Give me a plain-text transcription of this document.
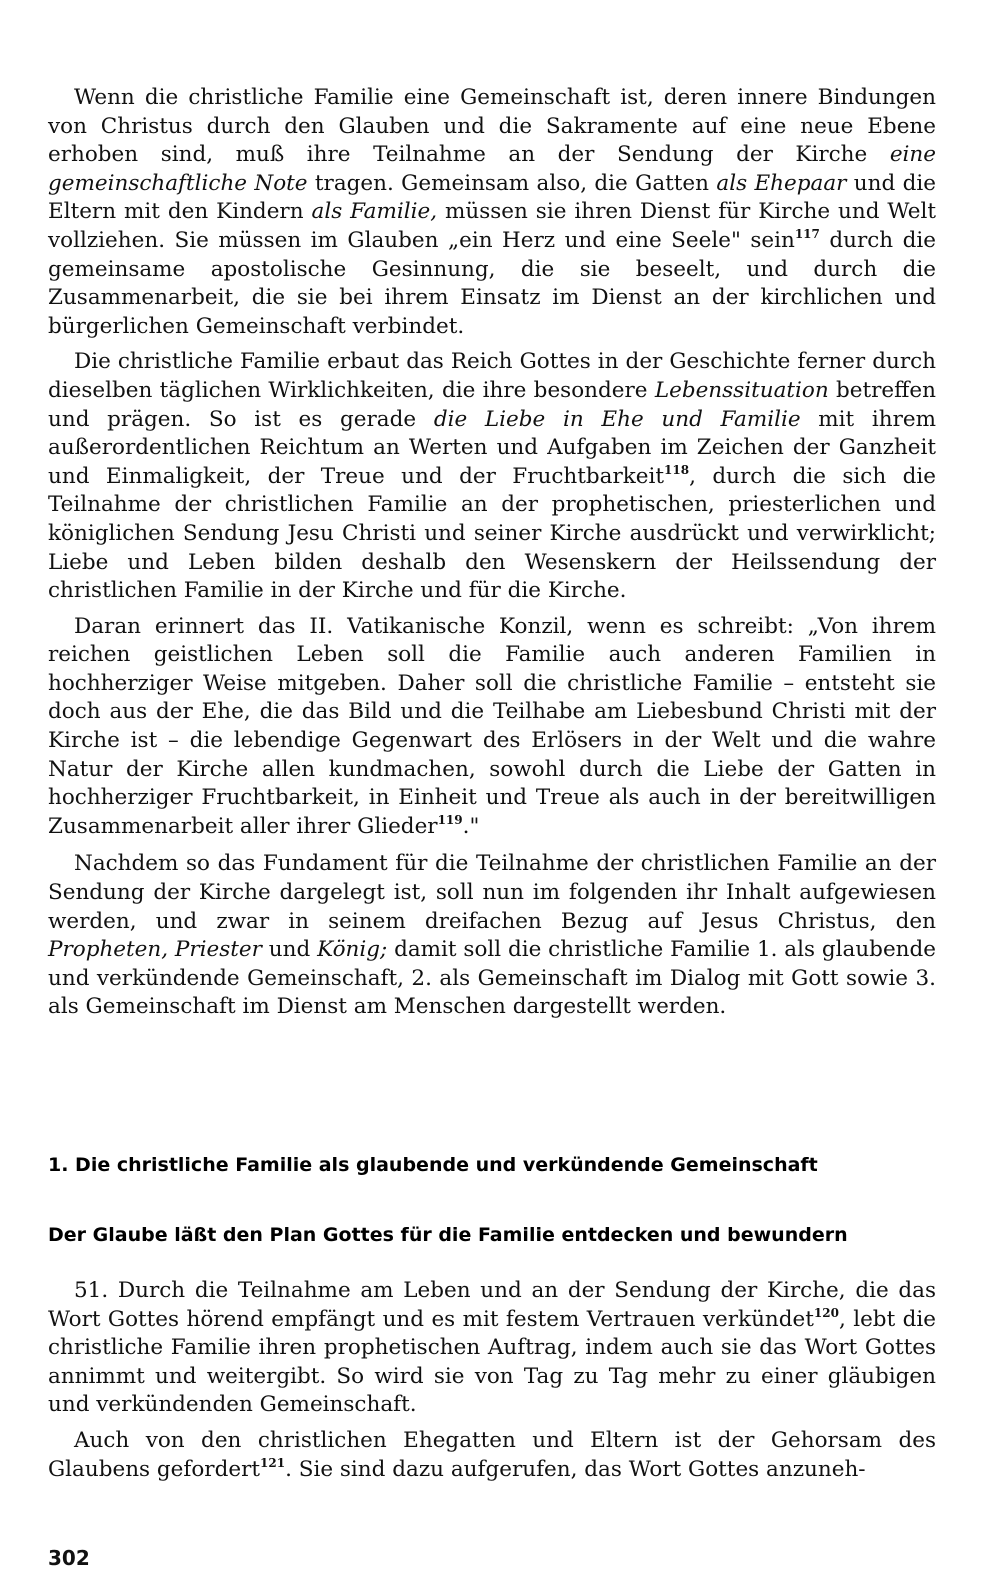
Wenn die christliche Familie eine Gemeinschaft ist, deren innere Bindungen von Christus durch den Glauben und die Sakramente auf eine neue Ebene erhoben sind, muß ihre Teilnahme an der Sendung der Kirche eine gemeinschaftliche Note tragen. Gemeinsam also, die Gatten als Ehepaar und die Eltern mit den Kindern als Familie, müssen sie ihren Dienst für Kirche und Welt vollziehen. Sie müssen im Glauben „ein Herz und eine Seele" sein$^{117}$ durch die gemeinsame apostolische Gesinnung, die sie beseelt, und durch die Zusammenarbeit, die sie bei ihrem Einsatz im Dienst an der kirchlichen und bürgerlichen Gemeinschaft verbindet.

Die christliche Familie erbaut das Reich Gottes in der Geschichte ferner durch dieselben täglichen Wirklichkeiten, die ihre besondere Lebenssituation betreffen und prägen. So ist es gerade die Liebe in Ehe und Familie mit ihrem außerordentlichen Reichtum an Werten und Aufgaben im Zeichen der Ganzheit und Einmaligkeit, der Treue und der Fruchtbarkeit$^{118}$, durch die sich die Teilnahme der christlichen Familie an der prophetischen, priesterlichen und königlichen Sendung Jesu Christi und seiner Kirche ausdrückt und verwirklicht; Liebe und Leben bilden deshalb den Wesenskern der Heilssendung der christlichen Familie in der Kirche und für die Kirche.

Daran erinnert das II. Vatikanische Konzil, wenn es schreibt: „Von ihrem reichen geistlichen Leben soll die Familie auch anderen Familien in hochherziger Weise mitgeben. Daher soll die christliche Familie – entsteht sie doch aus der Ehe, die das Bild und die Teilhabe am Liebesbund Christi mit der Kirche ist – die lebendige Gegenwart des Erlösers in der Welt und die wahre Natur der Kirche allen kundmachen, sowohl durch die Liebe der Gatten in hochherziger Fruchtbarkeit, in Einheit und Treue als auch in der bereitwilligen Zusammenarbeit aller ihrer Glieder$^{119}$."

Nachdem so das Fundament für die Teilnahme der christlichen Familie an der Sendung der Kirche dargelegt ist, soll nun im folgenden ihr Inhalt aufgewiesen werden, und zwar in seinem dreifachen Bezug auf Jesus Christus, den Propheten, Priester und König; damit soll die christliche Familie 1. als glaubende und verkündende Gemeinschaft, 2. als Gemeinschaft im Dialog mit Gott sowie 3. als Gemeinschaft im Dienst am Menschen dargestellt werden.

1. Die christliche Familie als glaubende und verkündende Gemeinschaft
Der Glaube läßt den Plan Gottes für die Familie entdecken und bewundern

51. Durch die Teilnahme am Leben und an der Sendung der Kirche, die das Wort Gottes hörend empfängt und es mit festem Vertrauen verkündet$^{120}$, lebt die christliche Familie ihren prophetischen Auftrag, indem auch sie das Wort Gottes annimmt und weitergibt. So wird sie von Tag zu Tag mehr zu einer gläubigen und verkündenden Gemeinschaft.

Auch von den christlichen Ehegatten und Eltern ist der Gehorsam des Glaubens gefordert$^{121}$. Sie sind dazu aufgerufen, das Wort Gottes anzuneh-

302
